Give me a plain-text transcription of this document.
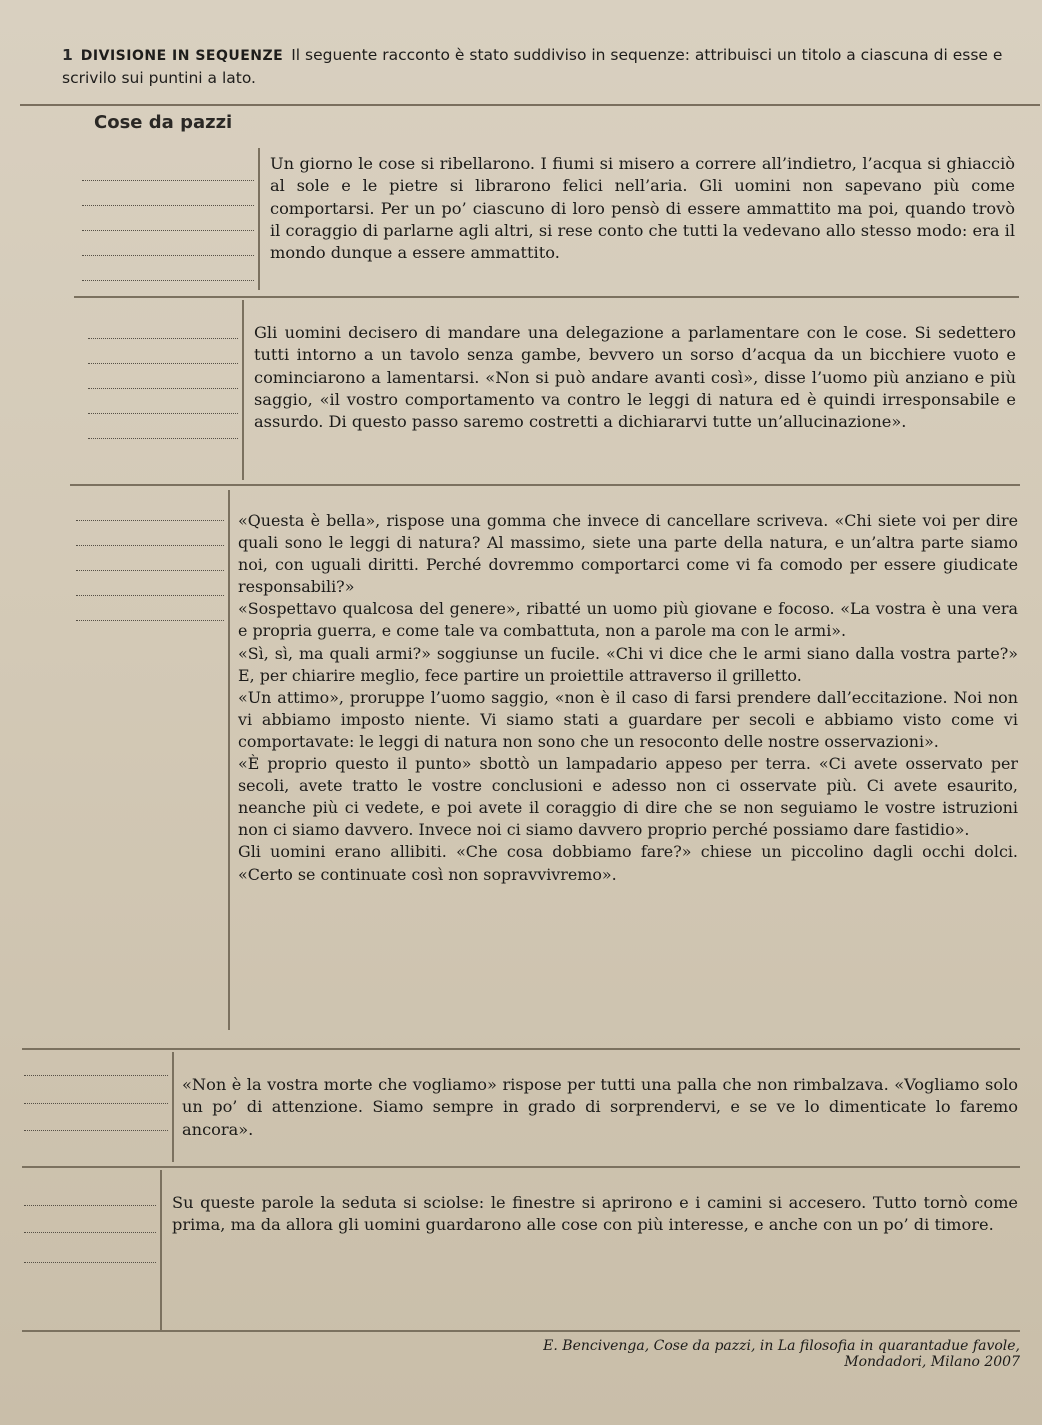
1 DIVISIONE IN SEQUENZE Il seguente racconto è stato suddiviso in sequenze: attribuisci un titolo a ciascuna di esse e scrivilo sui puntini a lato.
Cose da pazzi

Un giorno le cose si ribellarono. I fiumi si misero a correre all’indietro, l’acqua si ghiacciò al sole e le pietre si librarono felici nell’aria. Gli uomini non sapevano più come comportarsi. Per un po’ ciascuno di loro pensò di essere ammattito ma poi, quando trovò il coraggio di parlarne agli altri, si rese conto che tutti la vedevano allo stesso modo: era il mondo dunque a essere ammattito.

Gli uomini decisero di mandare una delegazione a parlamentare con le cose. Si sedettero tutti intorno a un tavolo senza gambe, bevvero un sorso d’acqua da un bicchiere vuoto e cominciarono a lamentarsi. «Non si può andare avanti così», disse l’uomo più anziano e più saggio, «il vostro comportamento va contro le leggi di natura ed è quindi irresponsabile e assurdo. Di questo passo saremo costretti a dichiararvi tutte un’allucinazione».

«Questa è bella», rispose una gomma che invece di cancellare scriveva. «Chi siete voi per dire quali sono le leggi di natura? Al massimo, siete una parte della natura, e un’altra parte siamo noi, con uguali diritti. Perché dovremmo comportarci come vi fa comodo per essere giudicate responsabili?»

«Sospettavo qualcosa del genere», ribatté un uomo più giovane e focoso. «La vostra è una vera e propria guerra, e come tale va combattuta, non a parole ma con le armi».

«Sì, sì, ma quali armi?» soggiunse un fucile. «Chi vi dice che le armi siano dalla vostra parte?» E, per chiarire meglio, fece partire un proiettile attraverso il grilletto.

«Un attimo», proruppe l’uomo saggio, «non è il caso di farsi prendere dall’eccitazione. Noi non vi abbiamo imposto niente. Vi siamo stati a guardare per secoli e abbiamo visto come vi comportavate: le leggi di natura non sono che un resoconto delle nostre osservazioni».

«È proprio questo il punto» sbottò un lampadario appeso per terra. «Ci avete osservato per secoli, avete tratto le vostre conclusioni e adesso non ci osservate più. Ci avete esaurito, neanche più ci vedete, e poi avete il coraggio di dire che se non seguiamo le vostre istruzioni non ci siamo davvero. Invece noi ci siamo davvero proprio perché possiamo dare fastidio».

Gli uomini erano allibiti. «Che cosa dobbiamo fare?» chiese un piccolino dagli occhi dolci. «Certo se continuate così non sopravvivremo».

«Non è la vostra morte che vogliamo» rispose per tutti una palla che non rimbalzava. «Vogliamo solo un po’ di attenzione. Siamo sempre in grado di sorprendervi, e se ve lo dimenticate lo faremo ancora».

Su queste parole la seduta si sciolse: le finestre si aprirono e i camini si accesero. Tutto tornò come prima, ma da allora gli uomini guardarono alle cose con più interesse, e anche con un po’ di timore.

E. Bencivenga, Cose da pazzi, in La filosofia in quarantadue favole, Mondadori, Milano 2007
